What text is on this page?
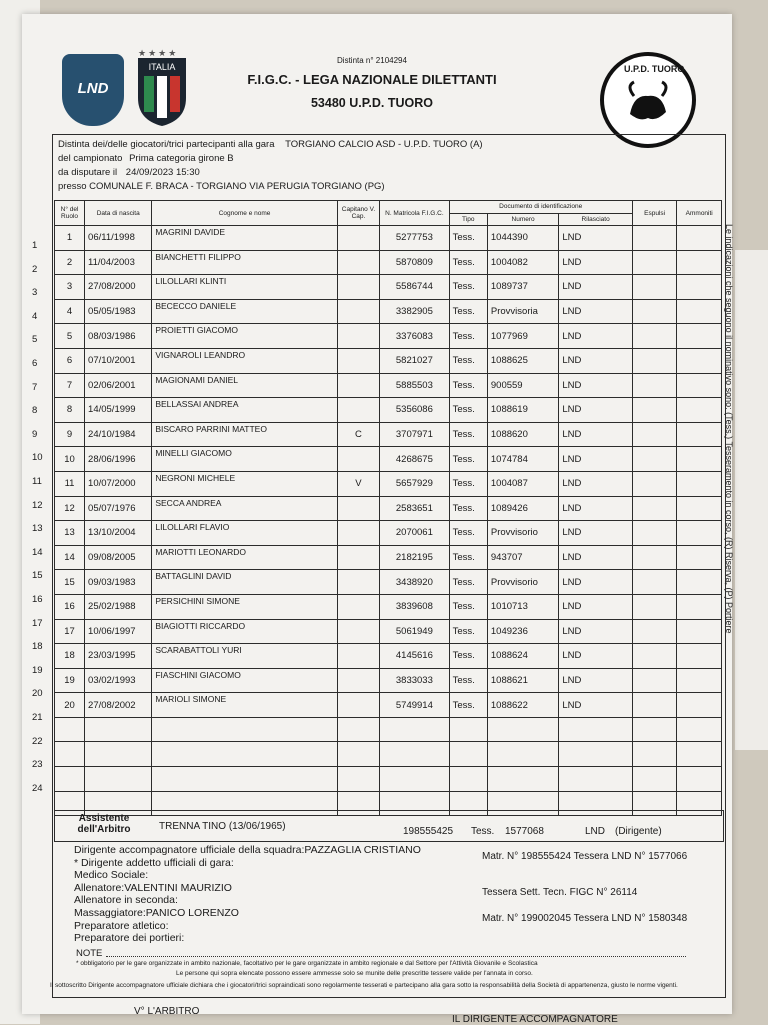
LND
★★★★
ITALIA	U.P.D. TUORO
Distinta n° 2104294
F.I.G.C. - LEGA NAZIONALE DILETTANTI
53480 U.P.D. TUORO
Distinta dei/delle giocatori/trici partecipanti alla gara TORGIANO CALCIO ASD - U.P.D. TUORO (A)
del campionato Prima categoria girone B
da disputare il 24/09/2023 15:30
presso COMUNALE F. BRACA - TORGIANO VIA PERUGIA TORGIANO (PG)
N° del Ruolo	Data di nascita	Cognome e nome	Capitano V. Cap.	N. Matricola F.I.G.C.	Documento di identificazione			Espulsi	Ammoniti
					Tipo	Numero	Rilasciato		
1	06/11/1998	MAGRINI DAVIDE		5277753	Tess.	1044390	LND		
2	11/04/2003	BIANCHETTI FILIPPO		5870809	Tess.	1004082	LND		
3	27/08/2000	LILOLLARI KLINTI		5586744	Tess.	1089737	LND		
4	05/05/1983	BECECCO DANIELE		3382905	Tess.	Provvisoria	LND		
5	08/03/1986	PROIETTI GIACOMO		3376083	Tess.	1077969	LND		
6	07/10/2001	VIGNAROLI LEANDRO		5821027	Tess.	1088625	LND		
7	02/06/2001	MAGIONAMI DANIEL		5885503	Tess.	900559	LND		
8	14/05/1999	BELLASSAI ANDREA		5356086	Tess.	1088619	LND		
9	24/10/1984	BISCARO PARRINI MATTEO	C	3707971	Tess.	1088620	LND		
10	28/06/1996	MINELLI GIACOMO		4268675	Tess.	1074784	LND		
11	10/07/2000	NEGRONI MICHELE	V	5657929	Tess.	1004087	LND		
12	05/07/1976	SECCA ANDREA		2583651	Tess.	1089426	LND		
13	13/10/2004	LILOLLARI FLAVIO		2070061	Tess.	Provvisorio	LND		
14	09/08/2005	MARIOTTI LEONARDO		2182195	Tess.	943707	LND		
15	09/03/1983	BATTAGLINI DAVID		3438920	Tess.	Provvisorio	LND		
16	25/02/1988	PERSICHINI SIMONE		3839608	Tess.	1010713	LND		
17	10/06/1997	BIAGIOTTI RICCARDO		5061949	Tess.	1049236	LND		
18	23/03/1995	SCARABATTOLI YURI		4145616	Tess.	1088624	LND		
19	03/02/1993	FIASCHINI GIACOMO		3833033	Tess.	1088621	LND		
20	27/08/2002	MARIOLI SIMONE		5749914	Tess.	1088622	LND		

Assistente dell'Arbitro	TRENNA TINO (13/06/1965)	198555425 Tess. 1577068	LND (Dirigente)
Dirigente accompagnatore ufficiale della squadra:PAZZAGLIA CRISTIANO
* Dirigente addetto ufficiali di gara:
Medico Sociale:
Allenatore:VALENTINI MAURIZIO
Allenatore in seconda:
Massaggiatore:PANICO LORENZO
Preparatore atletico:
Preparatore dei portieri:
Matr. N° 198555424 Tessera LND N° 1577066
Tessera Sett. Tecn. FIGC N° 26114
Matr. N° 199002045 Tessera LND N° 1580348
NOTE
* obbligatorio per le gare organizzate in ambito nazionale, facoltativo per le gare organizzate in ambito regionale e dal Settore per l'Attività Giovanile e Scolastica
Le persone qui sopra elencate possono essere ammesse solo se munite delle prescritte tessere valide per l'annata in corso.
Il sottoscritto Dirigente accompagnatore ufficiale dichiara che i giocatori/trici sopraindicati sono regolarmente tesserati e partecipano alla gara sotto la responsabilità della Società di appartenenza, giusto le norme vigenti.
V° L'ARBITRO
IL DIRIGENTE ACCOMPAGNATORE
Le indicazioni che seguono il nominativo sono: (Tess.) Tesseramento in corso, (R) Riserva, (P) Portiere
1
2
3
4
5
6
7
8
9
10
11
12
13
14
15
16
17
18
19
20
21
22
23
24
